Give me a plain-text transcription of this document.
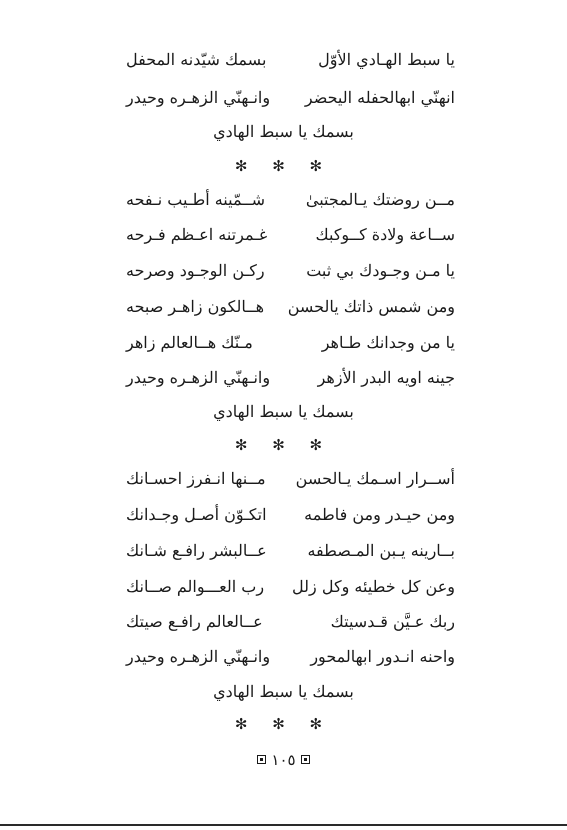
يا سبط الهـادي الأوّل
بسمك شيّدنه المحفل
انهنّي ابهالحفله اليحضر
وانـهنّي الزهـره وحيدر
بسمك يا سبط الهادي
✻ ✻ ✻
مــن روضتك يـالمجتبیٰ
شــمّينه أطـيب نـفحه
ســاعة ولادة كــوكبك
غـمرتنه اعـظم فـرحه
يا مـن وجـودك بي ثبت
ركـن الوجـود وصرحه
ومن شمس ذاتك يالحسن
هــالكون زاهـر صبحه
يا من وجدانك طـاهر
مـنّك هــالعالم زاهر
جينه اويه البدر الأزهر
وانـهنّي الزهـره وحيدر
بسمك يا سبط الهادي
✻ ✻ ✻
أســرار اسـمك يـالحسن
مــنها انـفرز احسـانك
ومن حيـدر ومن فاطمه
اتكـوّن أصـل وجـدانك
بــارينه يـبن المـصطفه
عــالبشر رافـع شـانك
وعن كل خطيئه وكل زلل
رب العـــوالم صــانك
ربك عـيَّن قـدسيتك
عــالعالم رافـع صيتك
واحنه انـدور ابهالمحور
وانـهنّي الزهـره وحيدر
بسمك يا سبط الهادي
✻ ✻ ✻
١٠٥
